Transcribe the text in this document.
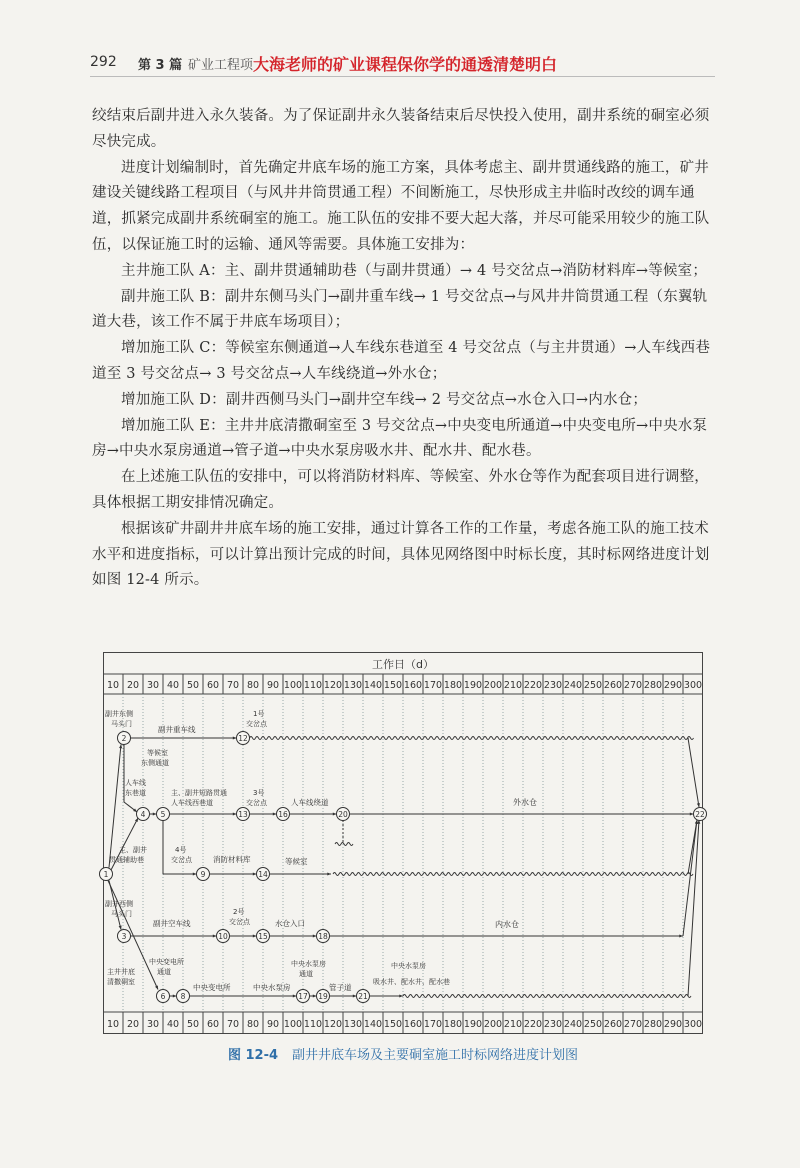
292 第 3 篇 矿业工程项 大海老师的矿业课程保你学的通透清楚明白

绞结束后副井进入永久装备。为了保证副井永久装备结束后尽快投入使用，副井系统的硐室必须尽快完成。

进度计划编制时，首先确定井底车场的施工方案，具体考虑主、副井贯通线路的施工，矿井建设关键线路工程项目（与风井井筒贯通工程）不间断施工，尽快形成主井临时改绞的调车通道，抓紧完成副井系统硐室的施工。施工队伍的安排不要大起大落，并尽可能采用较少的施工队伍，以保证施工时的运输、通风等需要。具体施工安排为：

主井施工队 A：主、副井贯通辅助巷（与副井贯通）→ 4 号交岔点→消防材料库→等候室；

副井施工队 B：副井东侧马头门→副井重车线→ 1 号交岔点→与风井井筒贯通工程（东翼轨道大巷，该工作不属于井底车场项目）；

增加施工队 C：等候室东侧通道→人车线东巷道至 4 号交岔点（与主井贯通）→人车线西巷道至 3 号交岔点→ 3 号交岔点→人车线绕道→外水仓；

增加施工队 D：副井西侧马头门→副井空车线→ 2 号交岔点→水仓入口→内水仓；

增加施工队 E：主井井底清撒硐室至 3 号交岔点→中央变电所通道→中央变电所→中央水泵房→中央水泵房通道→管子道→中央水泵房吸水井、配水井、配水巷。

在上述施工队伍的安排中，可以将消防材料库、等候室、外水仓等作为配套项目进行调整，具体根据工期安排情况确定。

根据该矿井副井井底车场的施工安排，通过计算各工作的工作量，考虑各施工队的施工技术水平和进度指标，可以计算出预计完成的时间，具体见网络图中时标长度，其时标网络进度计划如图 12-4 所示。

工作日（d）
10
10
20
20
30
30
40
40
50
50
60
60
70
70
80
80
90
90
100
100
110
110
120
120
130
130
140
140
150
150
160
160
170
170
180
180
190
190
200
200
210
210
220
220
230
230
240
240
250
250
260
260
270
270
280
280
290
290
300
300
1
2
3
4 5
6 8
9
10
12
13
14
15
16
17
18
19
20
21
22
副井东侧
马头门
副井重车线
1号
交岔点
等候室
东侧通道
人车线
东巷道	主、副井短路贯通
人车线西巷道
3号
交岔点	人车线绕道	外水仓
主、副井
贯通辅助巷
4号
交岔点	消防材料库	等候室
副井西侧
马头门
副井空车线
2号
交岔点	水仓入口	内水仓
主井井底
清撒硐室
中央变电所
通道
中央变电所	中央水泵房
中央水泵房
通道
管子道
中央水泵房
吸水井、配水井、配水巷
图 12-4 副井井底车场及主要硐室施工时标网络进度计划图
